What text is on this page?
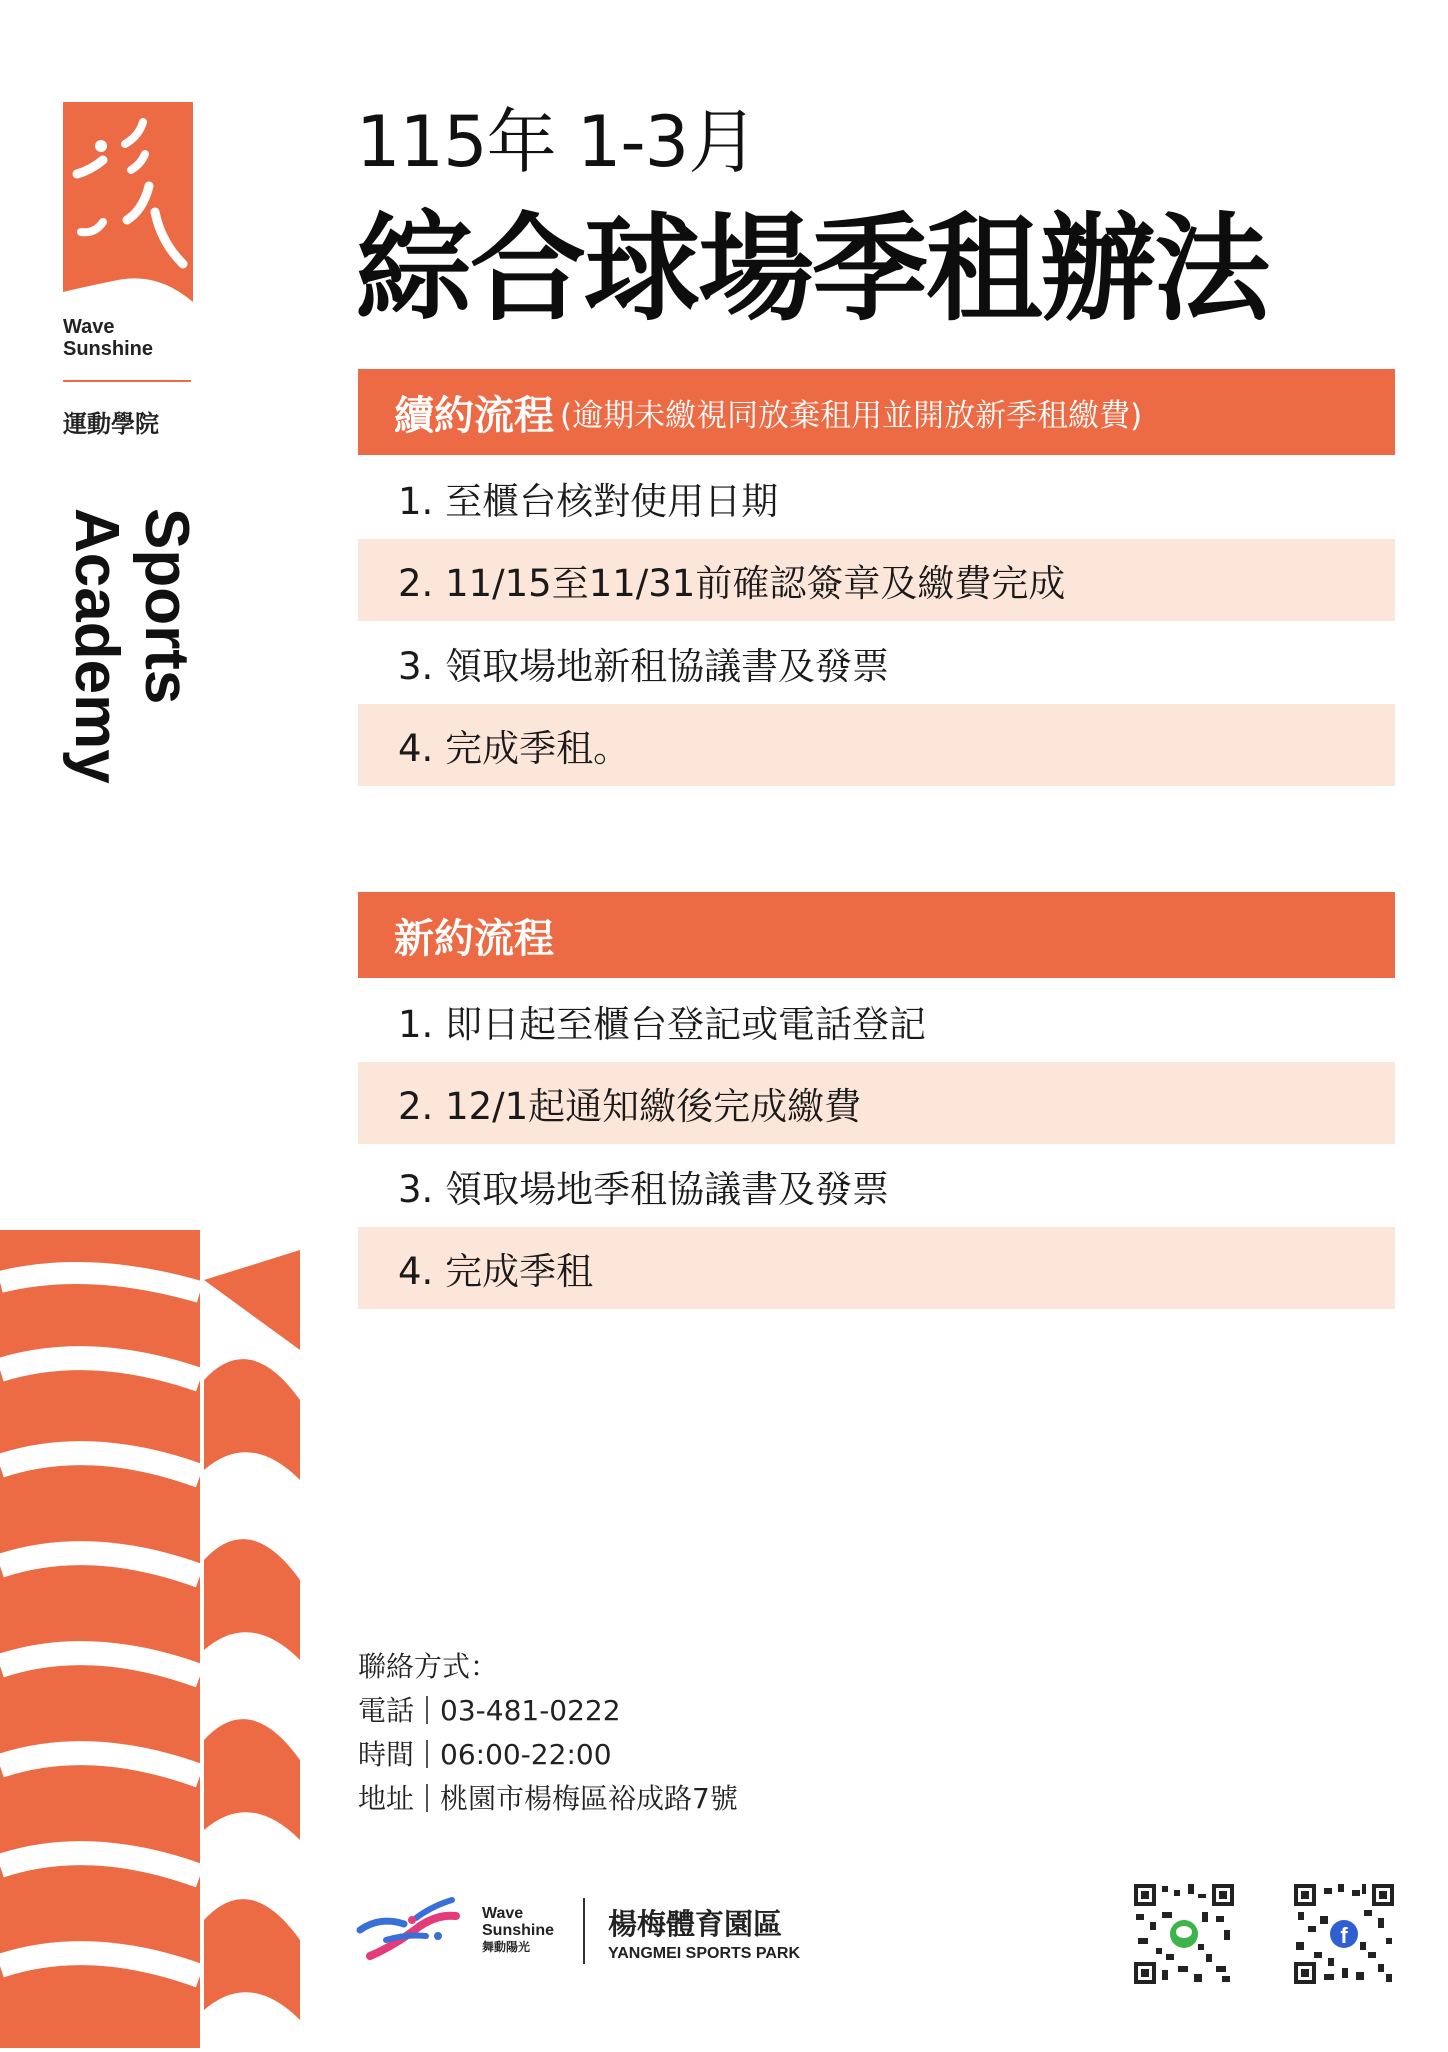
Wave
Sunshine
運動學院
Sports
Academy
115年 1-3月
綜合球場季租辦法
續約流程 (逾期未繳視同放棄租用並開放新季租繳費)
1. 至櫃台核對使用日期
2. 11/15至11/31前確認簽章及繳費完成
3. 領取場地新租協議書及發票
4. 完成季租。
新約流程
1. 即日起至櫃台登記或電話登記
2. 12/1起通知繳後完成繳費
3. 領取場地季租協議書及發票
4. 完成季租
聯絡方式：
電話 03-481-0222
時間 06:00-22:00
地址 桃園市楊梅區裕成路7號
Wave
Sunshine
舞動陽光
楊梅體育園區
YANGMEI SPORTS PARK
f
